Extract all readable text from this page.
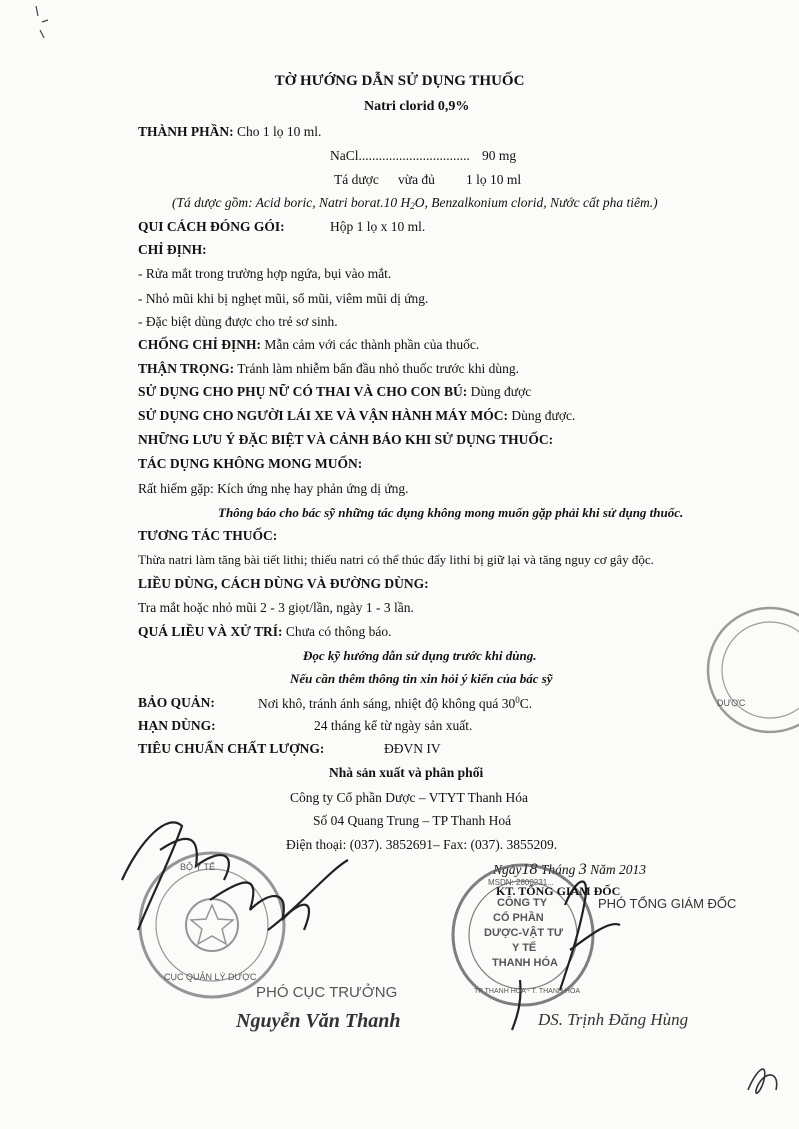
TỜ HƯỚNG DẪN SỬ DỤNG THUỐC
Natri clorid 0,9%
THÀNH PHẦN: Cho 1 lọ 10 ml.
NaCl................................. 90 mg
Tá dược vừa đủ 1 lọ 10 ml
(Tá dược gồm: Acid boric, Natri borat.10 $H_2O$, Benzalkonium clorid, Nước cất pha tiêm.)
QUI CÁCH ĐÓNG GÓI:	Hộp 1 lọ x 10 ml.
CHỈ ĐỊNH:
- Rửa mắt trong trường hợp ngứa, bụi vào mắt.
- Nhỏ mũi khi bị nghẹt mũi, sổ mũi, viêm mũi dị ứng.
- Đặc biệt dùng được cho trẻ sơ sinh.
CHỐNG CHỈ ĐỊNH: Mẫn cảm với các thành phần của thuốc.
THẬN TRỌNG: Tránh làm nhiễm bẩn đầu nhỏ thuốc trước khi dùng.
SỬ DỤNG CHO PHỤ NỮ CÓ THAI VÀ CHO CON BÚ: Dùng được
SỬ DỤNG CHO NGƯỜI LÁI XE VÀ VẬN HÀNH MÁY MÓC: Dùng được.
NHỮNG LƯU Ý ĐẶC BIỆT VÀ CẢNH BÁO KHI SỬ DỤNG THUỐC:
TÁC DỤNG KHÔNG MONG MUỐN:
Rất hiếm gặp: Kích ứng nhẹ hay phản ứng dị ứng.
Thông báo cho bác sỹ những tác dụng không mong muốn gặp phải khi sử dụng thuốc.
TƯƠNG TÁC THUỐC:
Thừa natri làm tăng bài tiết lithi; thiếu natri có thể thúc đẩy lithi bị giữ lại và tăng nguy cơ gây độc.
LIỀU DÙNG, CÁCH DÙNG VÀ ĐƯỜNG DÙNG:
Tra mắt hoặc nhỏ mũi 2 - 3 giọt/lần, ngày 1 - 3 lần.
QUÁ LIỀU VÀ XỬ TRÍ: Chưa có thông báo.
Đọc kỹ hướng dẫn sử dụng trước khi dùng.
Nếu cần thêm thông tin xin hỏi ý kiến của bác sỹ
BẢO QUẢN:	Nơi khô, tránh ánh sáng, nhiệt độ không quá $30^0C$.
HẠN DÙNG:	24 tháng kể từ ngày sản xuất.
TIÊU CHUẨN CHẤT LƯỢNG:	ĐĐVN IV
Nhà sản xuất và phân phối
Công ty Cổ phần Dược – VTYT Thanh Hóa
Số 04 Quang Trung – TP Thanh Hoá
Điện thoại: (037). 3852691– Fax: (037). 3855209.
Ngày18 Tháng 3 Năm 2013
BỘ Y TẾ
CỤC QUẢN LÝ DƯỢC
DƯỢC
MSDN: 2800231...
CÔNG TY
CỔ PHẦN
DƯỢC-VẬT TƯ
Y TẾ
THANH HÓA
TP THANH HÓA - T. THANH HÓA
KT. TỔNG GIÁM ĐỐC
PHÓ TỔNG GIÁM ĐỐC
DS. Trịnh Đăng Hùng
PHÓ CỤC TRƯỞNG
Nguyễn Văn Thanh
